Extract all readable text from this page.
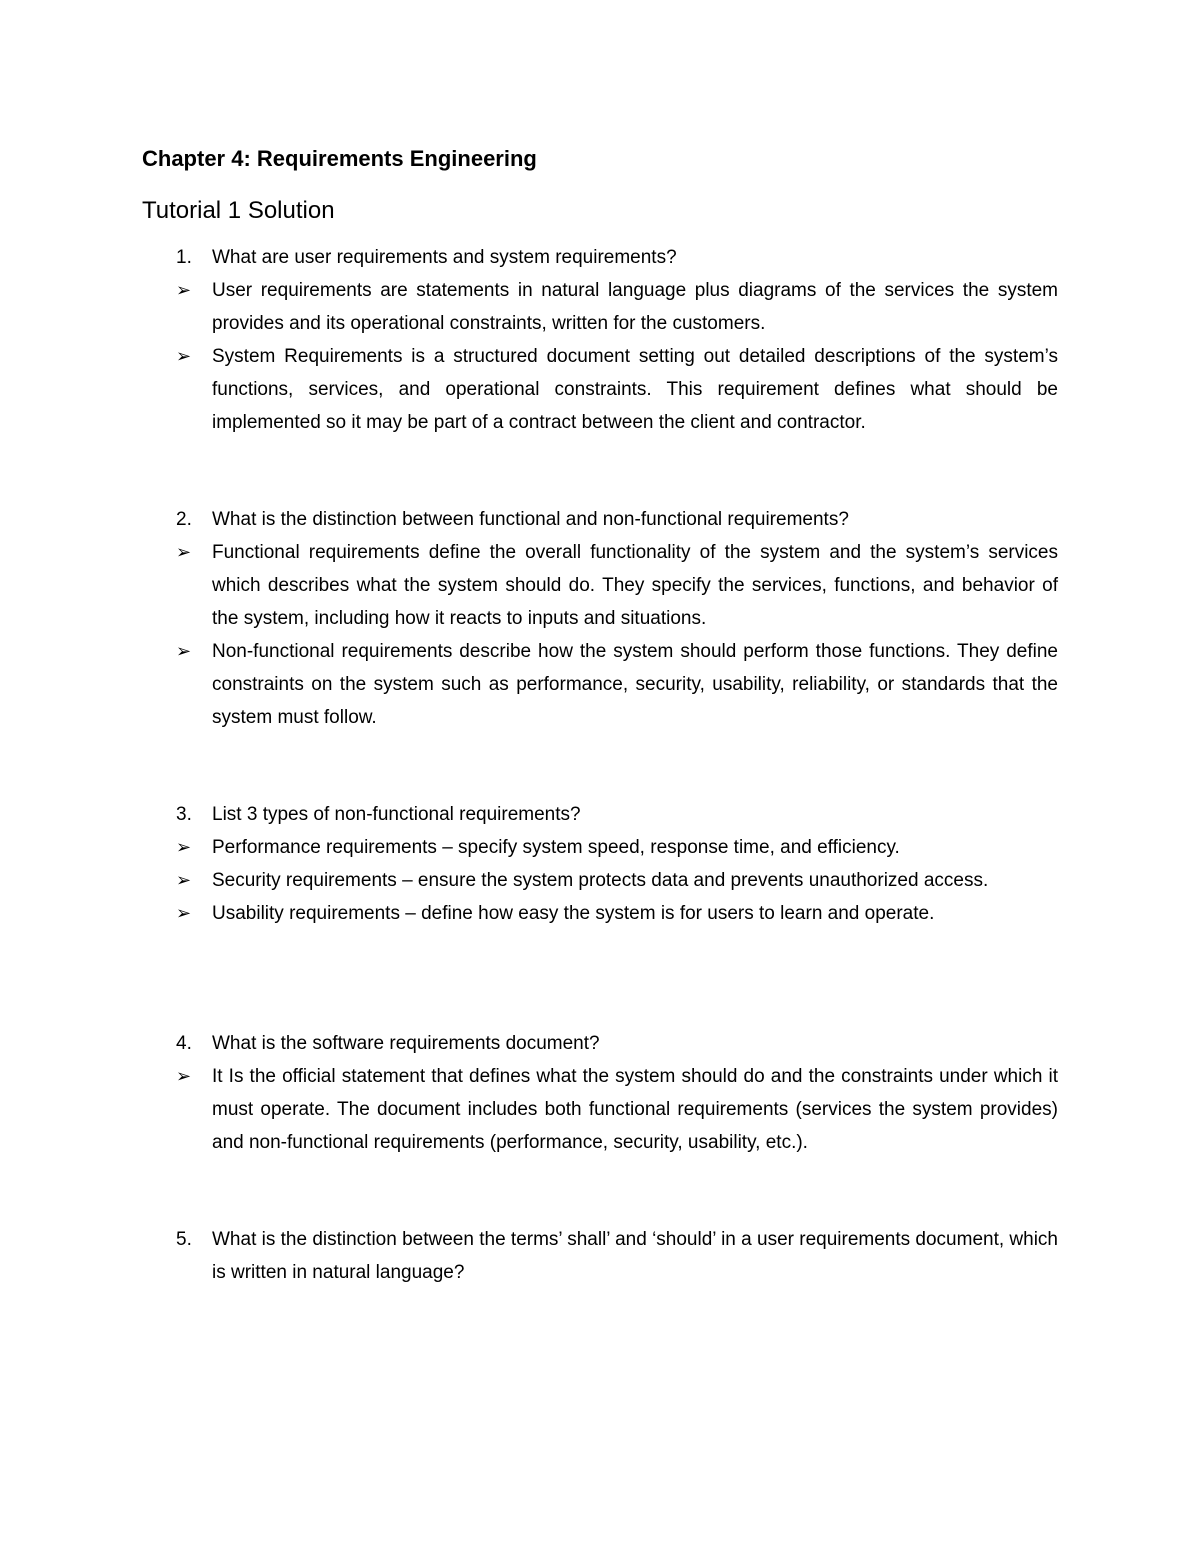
Chapter 4: Requirements Engineering
Tutorial 1 Solution

1. What are user requirements and system requirements?

➢ User requirements are statements in natural language plus diagrams of the services the system provides and its operational constraints, written for the customers.

➢ System Requirements is a structured document setting out detailed descriptions of the system’s functions, services, and operational constraints. This requirement defines what should be implemented so it may be part of a contract between the client and contractor.

2. What is the distinction between functional and non-functional requirements?

➢ Functional requirements define the overall functionality of the system and the system’s services which describes what the system should do. They specify the services, functions, and behavior of the system, including how it reacts to inputs and situations.

➢ Non-functional requirements describe how the system should perform those functions. They define constraints on the system such as performance, security, usability, reliability, or standards that the system must follow.

3. List 3 types of non-functional requirements?

➢ Performance requirements – specify system speed, response time, and efficiency.

➢ Security requirements – ensure the system protects data and prevents unauthorized access.

➢ Usability requirements – define how easy the system is for users to learn and operate.

4. What is the software requirements document?

➢ It Is the official statement that defines what the system should do and the constraints under which it must operate. The document includes both functional requirements (services the system provides) and non-functional requirements (performance, security, usability, etc.).

5. What is the distinction between the terms’ shall’ and ‘should’ in a user requirements document, which is written in natural language?
